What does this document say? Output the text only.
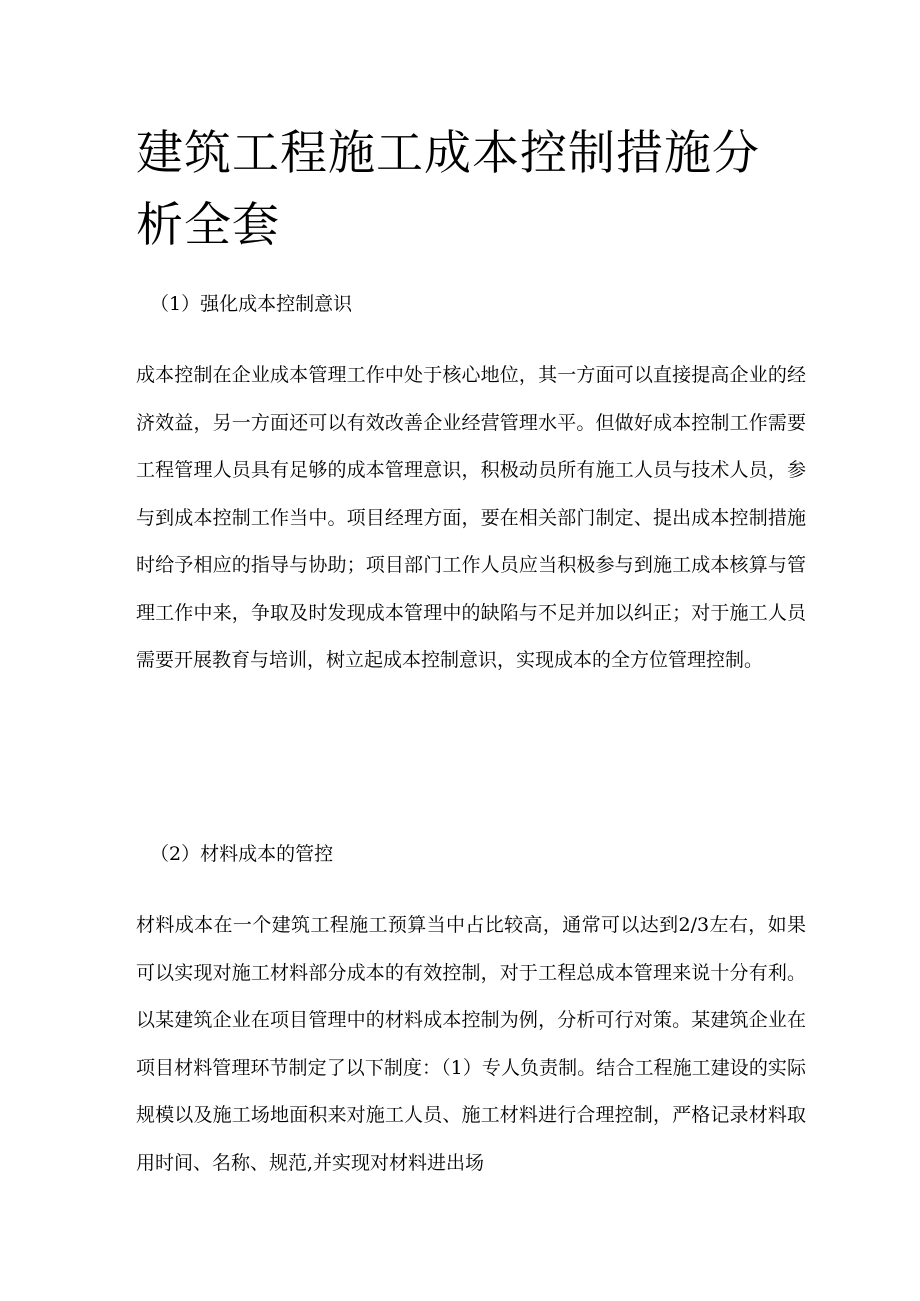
建筑工程施工成本控制措施分析全套

（1）强化成本控制意识

成本控制在企业成本管理工作中处于核心地位，其一方面可以直接提高企业的经济效益，另一方面还可以有效改善企业经营管理水平。但做好成本控制工作需要工程管理人员具有足够的成本管理意识，积极动员所有施工人员与技术人员，参与到成本控制工作当中。项目经理方面，要在相关部门制定、提出成本控制措施时给予相应的指导与协助；项目部门工作人员应当积极参与到施工成本核算与管理工作中来，争取及时发现成本管理中的缺陷与不足并加以纠正；对于施工人员需要开展教育与培训，树立起成本控制意识，实现成本的全方位管理控制。

（2）材料成本的管控

材料成本在一个建筑工程施工预算当中占比较高，通常可以达到2/3左右，如果可以实现对施工材料部分成本的有效控制，对于工程总成本管理来说十分有利。以某建筑企业在项目管理中的材料成本控制为例，分析可行对策。某建筑企业在项目材料管理环节制定了以下制度：（1）专人负责制。结合工程施工建设的实际规模以及施工场地面积来对施工人员、施工材料进行合理控制，严格记录材料取用时间、名称、规范,并实现对材料进出场
